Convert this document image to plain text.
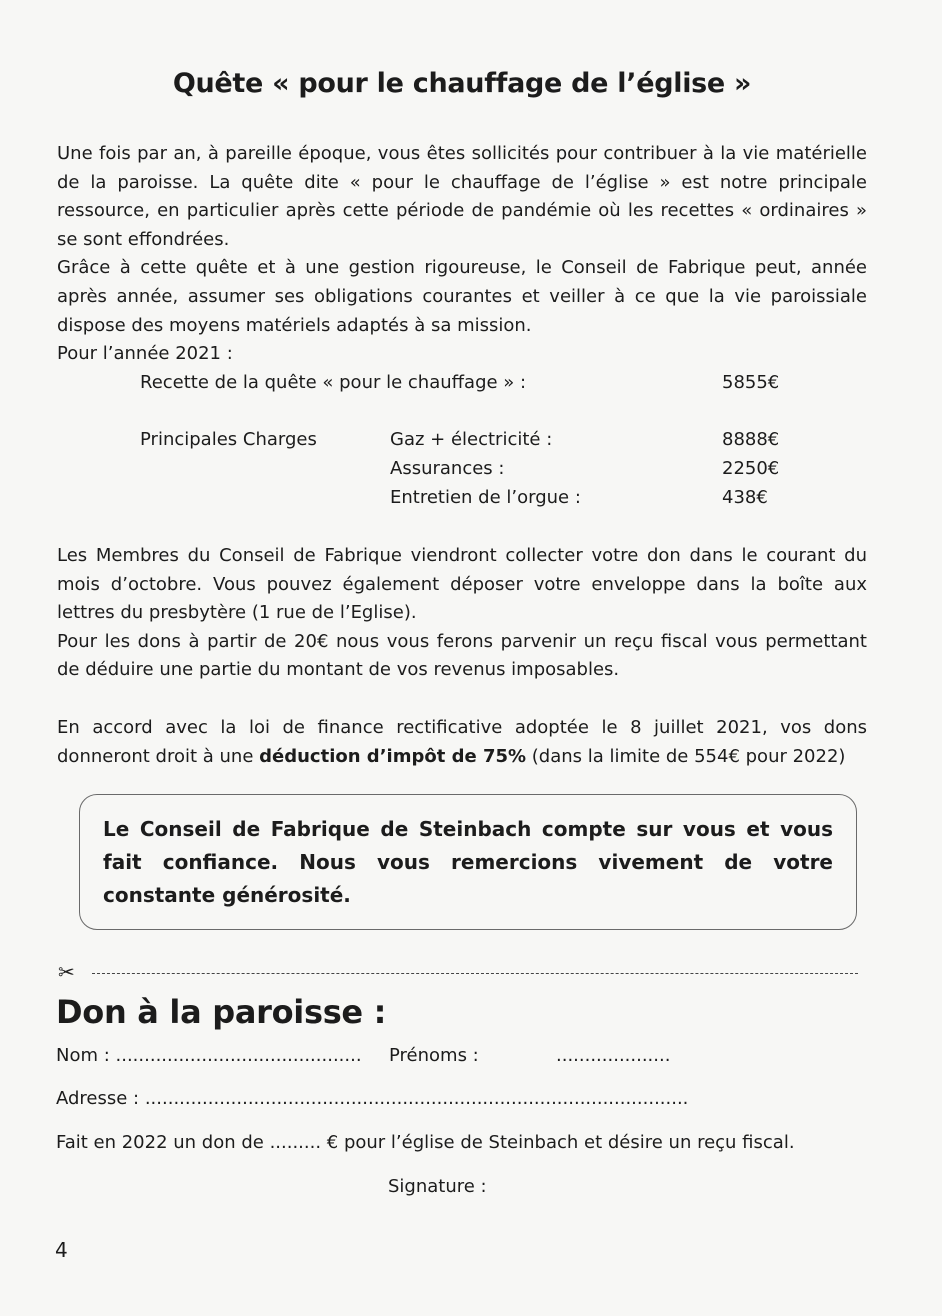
Quête « pour le chauffage de l’église »

Une fois par an, à pareille époque, vous êtes sollicités pour contribuer à la vie matérielle de la paroisse. La quête dite « pour le chauffage de l’église » est notre principale ressource, en particulier après cette période de pandémie où les recettes « ordinaires » se sont effondrées.

Grâce à cette quête et à une gestion rigoureuse, le Conseil de Fabrique peut, année après année, assumer ses obligations courantes et veiller à ce que la vie paroissiale dispose des moyens matériels adaptés à sa mission.

Pour l’année 2021 :

Recette de la quête « pour le chauffage » :	5855€
Principales Charges	Gaz + électricité :	8888€
Assurances :	2250€
Entretien de l’orgue :	438€

Les Membres du Conseil de Fabrique viendront collecter votre don dans le courant du mois d’octobre. Vous pouvez également déposer votre enveloppe dans la boîte aux lettres du presbytère (1 rue de l’Eglise).

Pour les dons à partir de 20€ nous vous ferons parvenir un reçu fiscal vous permettant de déduire une partie du montant de vos revenus imposables.

En accord avec la loi de finance rectificative adoptée le 8 juillet 2021, vos dons donneront droit à une déduction d’impôt de 75% (dans la limite de 554€ pour 2022)
Le Conseil de Fabrique de Steinbach compte sur vous et vous fait confiance. Nous vous remercions vivement de votre constante générosité.
✂
Don à la paroisse :
Nom : ........................................... Prénoms :	....................
Adresse : ...............................................................................................
Fait en 2022 un don de ......... € pour l’église de Steinbach et désire un reçu fiscal.
Signature :
4
